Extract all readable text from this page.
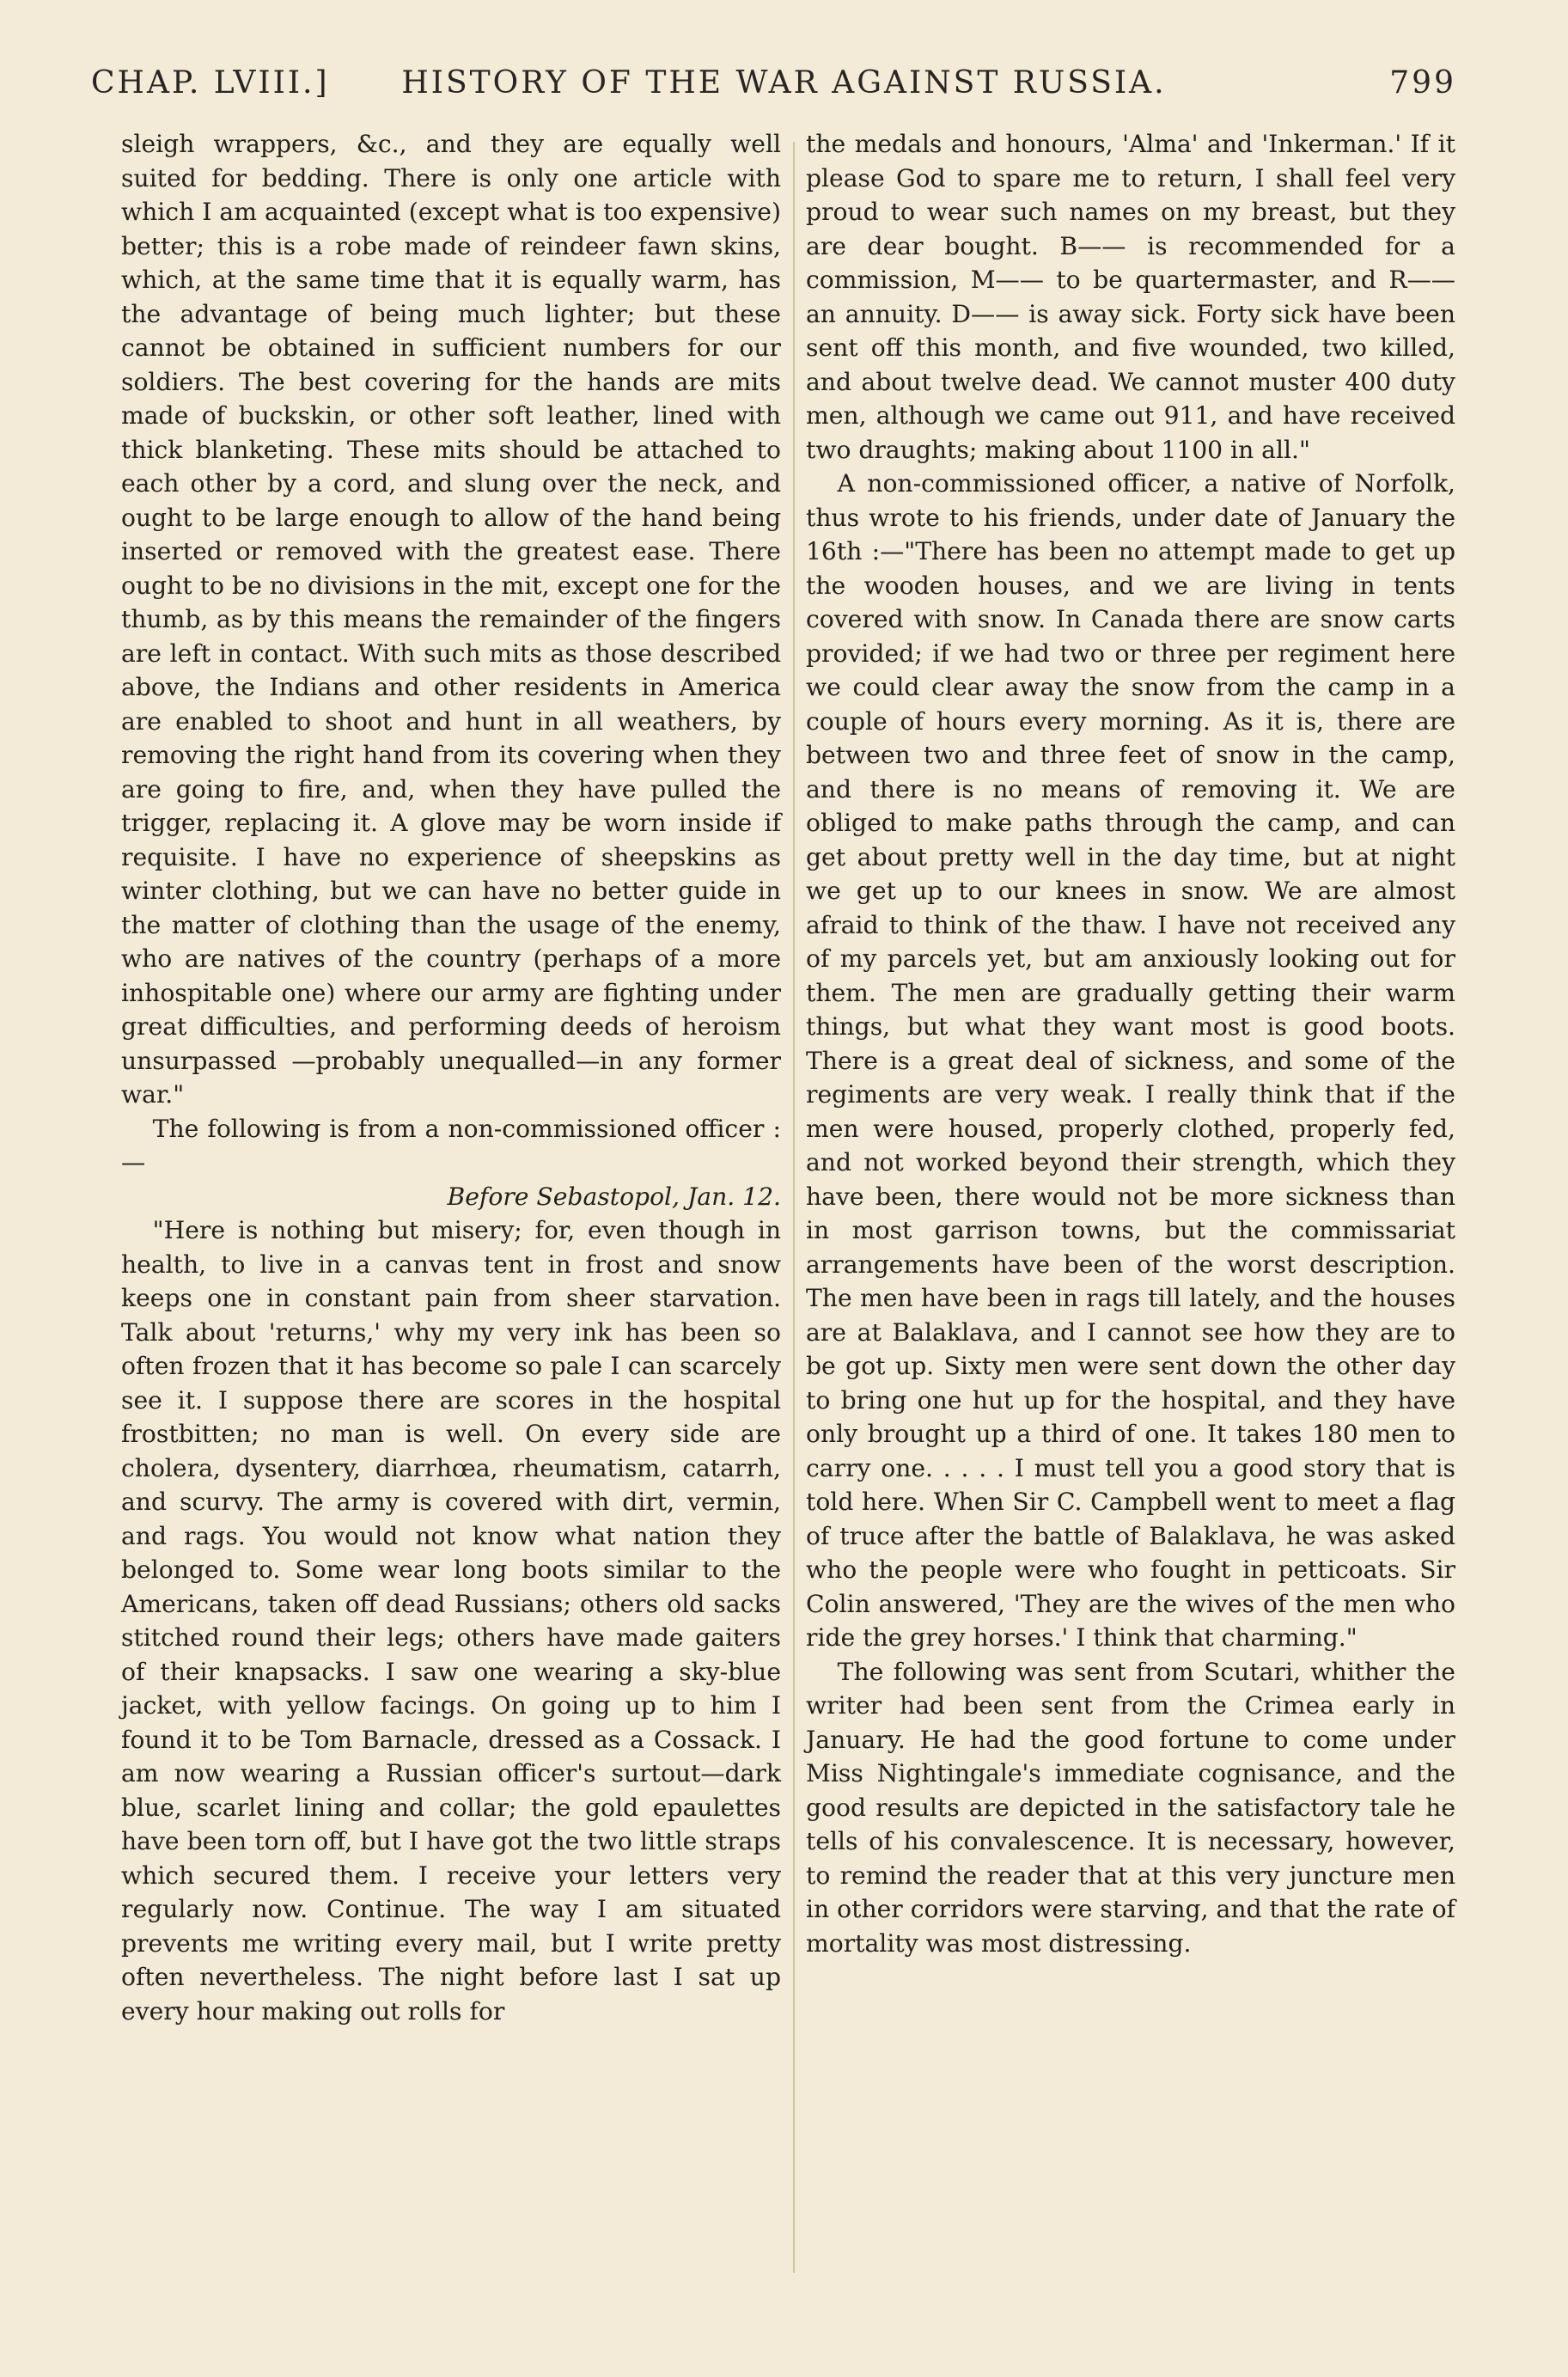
CHAP. LVIII.]	HISTORY OF THE WAR AGAINST RUSSIA.	799

sleigh wrappers, &c., and they are equally well suited for bedding. There is only one article with which I am acquainted (except what is too expensive) better; this is a robe made of reindeer fawn skins, which, at the same time that it is equally warm, has the advantage of being much lighter; but these cannot be obtained in sufficient numbers for our soldiers. The best covering for the hands are mits made of buckskin, or other soft leather, lined with thick blanketing. These mits should be attached to each other by a cord, and slung over the neck, and ought to be large enough to allow of the hand being inserted or removed with the greatest ease. There ought to be no divisions in the mit, except one for the thumb, as by this means the remainder of the fingers are left in contact. With such mits as those described above, the Indians and other residents in America are enabled to shoot and hunt in all weathers, by removing the right hand from its covering when they are going to fire, and, when they have pulled the trigger, replacing it. A glove may be worn inside if requisite. I have no experience of sheepskins as winter clothing, but we can have no better guide in the matter of clothing than the usage of the enemy, who are natives of the country (perhaps of a more inhospitable one) where our army are fighting under great difficulties, and performing deeds of heroism unsurpassed —probably unequalled—in any former war."

The following is from a non-commissioned officer :—

Before Sebastopol, Jan. 12.

"Here is nothing but misery; for, even though in health, to live in a canvas tent in frost and snow keeps one in constant pain from sheer starvation. Talk about 'returns,' why my very ink has been so often frozen that it has become so pale I can scarcely see it. I suppose there are scores in the hospital frostbitten; no man is well. On every side are cholera, dysentery, diarrhœa, rheumatism, catarrh, and scurvy. The army is covered with dirt, vermin, and rags. You would not know what nation they belonged to. Some wear long boots similar to the Americans, taken off dead Russians; others old sacks stitched round their legs; others have made gaiters of their knapsacks. I saw one wearing a sky-blue jacket, with yellow facings. On going up to him I found it to be Tom Barnacle, dressed as a Cossack. I am now wearing a Russian officer's surtout—dark blue, scarlet lining and collar; the gold epaulettes have been torn off, but I have got the two little straps which secured them. I receive your letters very regularly now. Continue. The way I am situated prevents me writing every mail, but I write pretty often nevertheless. The night before last I sat up every hour making out rolls for

the medals and honours, 'Alma' and 'Inkerman.' If it please God to spare me to return, I shall feel very proud to wear such names on my breast, but they are dear bought. B—— is recommended for a commission, M—— to be quartermaster, and R—— an annuity. D—— is away sick. Forty sick have been sent off this month, and five wounded, two killed, and about twelve dead. We cannot muster 400 duty men, although we came out 911, and have received two draughts; making about 1100 in all."

A non-commissioned officer, a native of Norfolk, thus wrote to his friends, under date of January the 16th :—"There has been no attempt made to get up the wooden houses, and we are living in tents covered with snow. In Canada there are snow carts provided; if we had two or three per regiment here we could clear away the snow from the camp in a couple of hours every morning. As it is, there are between two and three feet of snow in the camp, and there is no means of removing it. We are obliged to make paths through the camp, and can get about pretty well in the day time, but at night we get up to our knees in snow. We are almost afraid to think of the thaw. I have not received any of my parcels yet, but am anxiously looking out for them. The men are gradually getting their warm things, but what they want most is good boots. There is a great deal of sickness, and some of the regiments are very weak. I really think that if the men were housed, properly clothed, properly fed, and not worked beyond their strength, which they have been, there would not be more sickness than in most garrison towns, but the commissariat arrangements have been of the worst description. The men have been in rags till lately, and the houses are at Balaklava, and I cannot see how they are to be got up. Sixty men were sent down the other day to bring one hut up for the hospital, and they have only brought up a third of one. It takes 180 men to carry one. . . . . I must tell you a good story that is told here. When Sir C. Campbell went to meet a flag of truce after the battle of Balaklava, he was asked who the people were who fought in petticoats. Sir Colin answered, 'They are the wives of the men who ride the grey horses.' I think that charming."

The following was sent from Scutari, whither the writer had been sent from the Crimea early in January. He had the good fortune to come under Miss Nightingale's immediate cognisance, and the good results are depicted in the satisfactory tale he tells of his convalescence. It is necessary, however, to remind the reader that at this very juncture men in other corridors were starving, and that the rate of mortality was most distressing.
